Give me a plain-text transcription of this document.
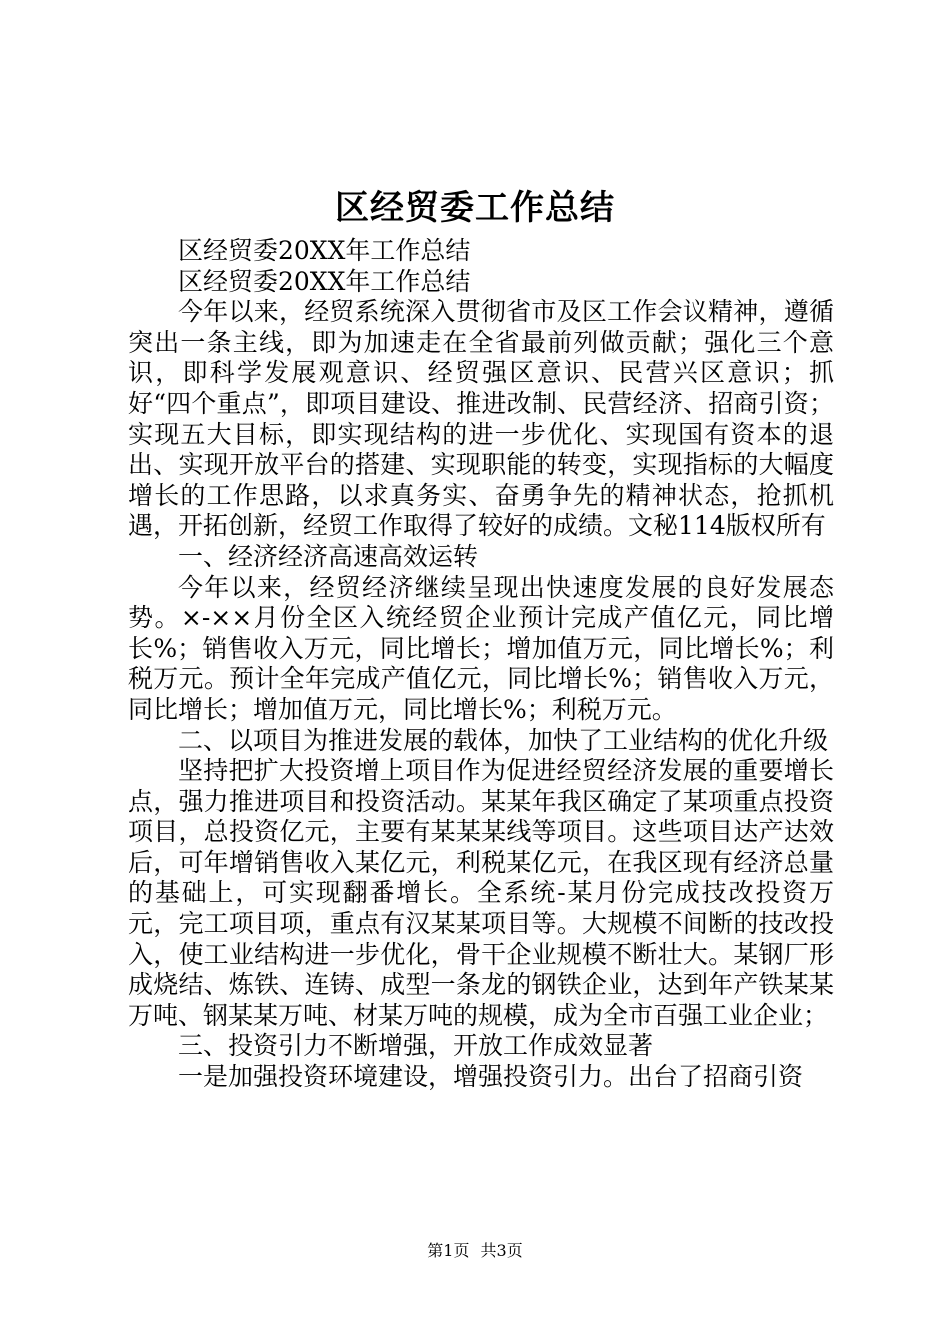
区经贸委工作总结

区经贸委20XX年工作总结

区经贸委20XX年工作总结

今年以来，经贸系统深入贯彻省市及区工作会议精神，遵循突出一条主线，即为加速走在全省最前列做贡献；强化三个意识，即科学发展观意识、经贸强区意识、民营兴区意识；抓好“四个重点”，即项目建设、推进改制、民营经济、招商引资；实现五大目标，即实现结构的进一步优化、实现国有资本的退出、实现开放平台的搭建、实现职能的转变，实现指标的大幅度增长的工作思路，以求真务实、奋勇争先的精神状态，抢抓机遇，开拓创新，经贸工作取得了较好的成绩。文秘114版权所有

一、经济经济高速高效运转

今年以来，经贸经济继续呈现出快速度发展的良好发展态势。×-××月份全区入统经贸企业预计完成产值亿元，同比增长%；销售收入万元，同比增长；增加值万元，同比增长%；利税万元。预计全年完成产值亿元，同比增长%；销售收入万元，同比增长；增加值万元，同比增长%；利税万元。

二、以项目为推进发展的载体，加快了工业结构的优化升级

坚持把扩大投资增上项目作为促进经贸经济发展的重要增长点，强力推进项目和投资活动。某某年我区确定了某项重点投资项目，总投资亿元，主要有某某某线等项目。这些项目达产达效后，可年增销售收入某亿元，利税某亿元，在我区现有经济总量的基础上，可实现翻番增长。全系统-某月份完成技改投资万元，完工项目项，重点有汉某某项目等。大规模不间断的技改投入，使工业结构进一步优化，骨干企业规模不断壮大。某钢厂形成烧结、炼铁、连铸、成型一条龙的钢铁企业，达到年产铁某某万吨、钢某某万吨、材某万吨的规模，成为全市百强工业企业；

三、投资引力不断增强，开放工作成效显著

一是加强投资环境建设，增强投资引力。出台了招商引资

第1页 共3页
